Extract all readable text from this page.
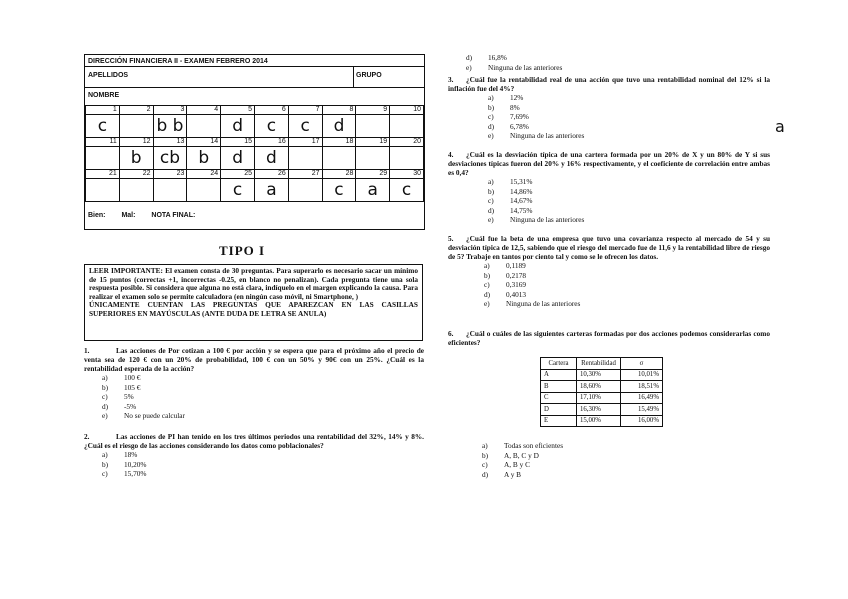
DIRECCIÓN FINANCIERA II - EXAMEN FEBRERO 2014
APELLIDOS	GRUPO
NOMBRE
1	2	3	4	5	6	7	8	9	10
c		b b		d	c	c	d		
11	12	13	14	15	16	17	18	19	20
	b	cb	b	d	d				
21	22	23	24	25	26	27	28	29	30
				c	a		c	a	c
Bien: Mal: NOTA FINAL:
TIPO I
LEER IMPORTANTE: El examen consta de 30 preguntas. Para superarlo es necesario sacar un mínimo de 15 puntos (correctas +1, incorrectas -0.25, en blanco no penalizan). Cada pregunta tiene una sola respuesta posible. Si considera que alguna no está clara, indíquelo en el margen explicando la causa. Para realizar el examen solo se permite calculadora (en ningún caso móvil, ni Smartphone, )
ÚNICAMENTE CUENTAN LAS PREGUNTAS QUE APAREZCAN EN LAS CASILLAS SUPERIORES EN MAYÚSCULAS (ANTE DUDA DE LETRA SE ANULA)
1.	Las acciones de Por cotizan a 100 € por acción y se espera que para el próximo año el precio de venta sea de 120 € con un 20% de probabilidad, 100 € con un 50% y 90€ con un 25%. ¿Cuál es la rentabilidad esperada de la acción?
a)	100 €
b)	105 €
c)	5%
d)	-5%
e)	No se puede calcular
2.	Las acciones de PI han tenido en los tres últimos periodos una rentabilidad del 32%, 14% y 8%. ¿Cuál es el riesgo de las acciones considerando los datos como poblacionales?
a)	18%
b)	10,20%
c)	15,70%
d)	16,8%
e)	Ninguna de las anteriores
3. ¿Cuál fue la rentabilidad real de una acción que tuvo una rentabilidad nominal del 12% si la inflación fue del 4%?
a)	12%
b)	8%
c)	7,69%
d)	6,78%
e)	Ninguna de las anteriores	a
4. ¿Cuál es la desviación típica de una cartera formada por un 20% de X y un 80% de Y si sus desviaciones típicas fueron del 20% y 16% respectivamente, y el coeficiente de correlación entre ambas es 0,4?
a)	15,31%
b)	14,86%
c)	14,67%
d)	14,75%
e)	Ninguna de las anteriores
5. ¿Cuál fue la beta de una empresa que tuvo una covarianza respecto al mercado de 54 y su desviación típica de 12,5, sabiendo que el riesgo del mercado fue de 11,6 y la rentabilidad libre de riesgo de 5? Trabaje en tantos por ciento tal y como se le ofrecen los datos.
a)	0,1189
b)	0,2178
c)	0,3169
d)	0,4013
e)	Ninguna de las anteriores
6. ¿Cuál o cuáles de las siguientes carteras formadas por dos acciones podemos considerarlas como eficientes?
Cartera	Rentabilidad	σ
A	10,30%	10,01%
B	18,60%	18,51%
C	17,10%	16,49%
D	16,30%	15,49%
E	15,00%	16,00%
a)	Todas son eficientes
b)	A, B, C y D
c)	A, B y C
d)	A y B
